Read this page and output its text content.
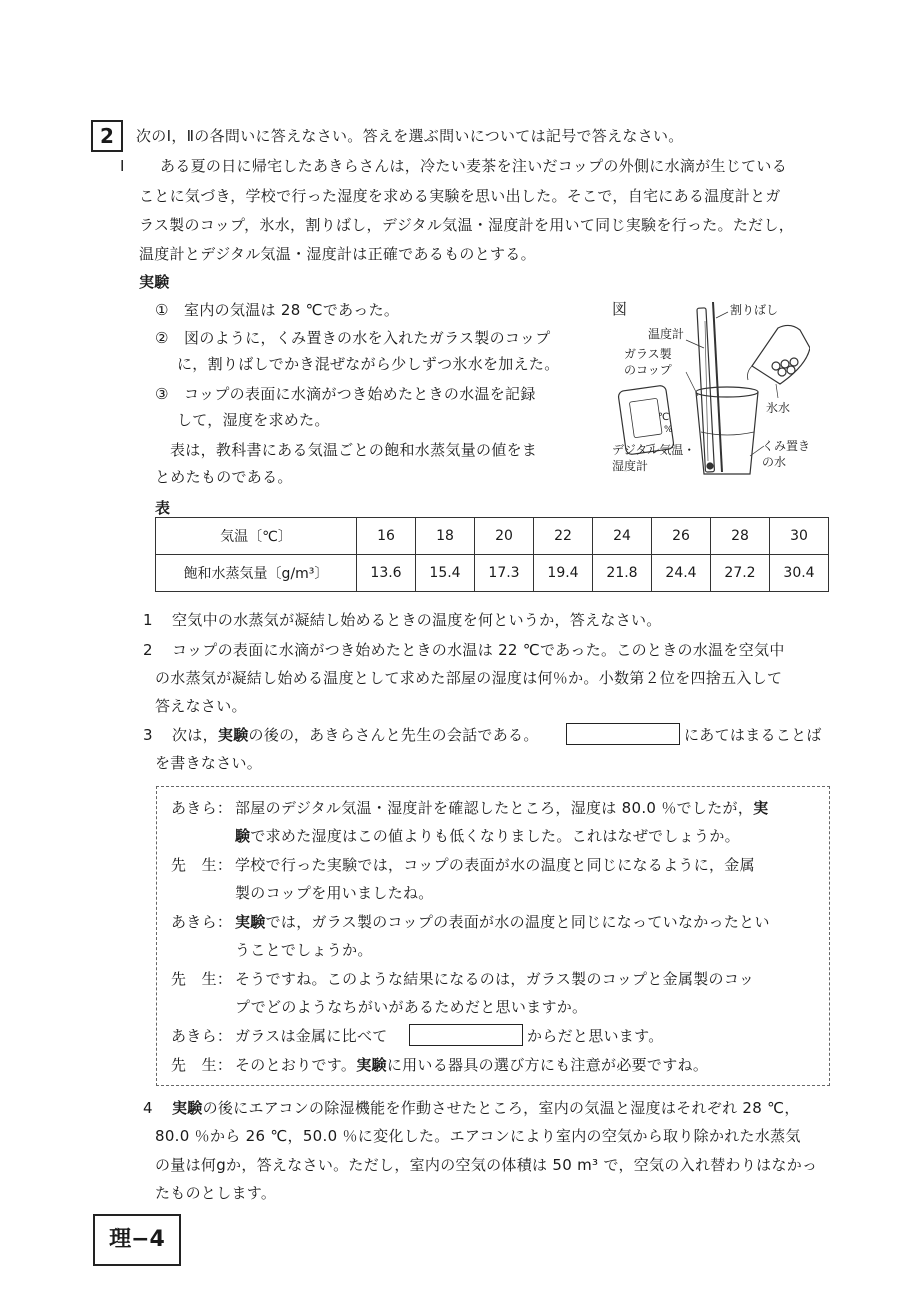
2	次のⅠ，Ⅱの各問いに答えなさい。答えを選ぶ問いについては記号で答えなさい。
Ⅰ ある夏の日に帰宅したあきらさんは，冷たい麦茶を注いだコップの外側に水滴が生じている
ことに気づき，学校で行った湿度を求める実験を思い出した。そこで，自宅にある温度計とガ
ラス製のコップ，氷水，割りばし，デジタル気温・湿度計を用いて同じ実験を行った。ただし，
温度計とデジタル気温・湿度計は正確であるものとする。
実験
①　室内の気温は 28 ℃であった。
②　図のように，くみ置きの水を入れたガラス製のコップ
に，割りばしでかき混ぜながら少しずつ氷水を加えた。
③　コップの表面に水滴がつき始めたときの水温を記録
して，湿度を求めた。
表は，教科書にある気温ごとの飽和水蒸気量の値をま
とめたものである。
図	割りばし
温度計
ガラス製
のコップ
氷水
℃
%
くみ置き
の水
デジタル気温・
湿度計
表
気温〔℃〕	16	18	20	22	24	26	28	30
飽和水蒸気量〔g/m³〕	13.6	15.4	17.3	19.4	21.8	24.4	27.2	30.4
1 空気中の水蒸気が凝結し始めるときの温度を何というか，答えなさい。
2 コップの表面に水滴がつき始めたときの水温は 22 ℃であった。このときの水温を空気中
の水蒸気が凝結し始める温度として求めた部屋の湿度は何％か。小数第２位を四捨五入して
答えなさい。
3 次は，実験の後の，あきらさんと先生の会話である。	にあてはまることば
を書きなさい。
あきら： 部屋のデジタル気温・湿度計を確認したところ，湿度は 80.0 ％でしたが，実
験で求めた湿度はこの値よりも低くなりました。これはなぜでしょうか。
先　生： 学校で行った実験では，コップの表面が水の温度と同じになるように，金属
製のコップを用いましたね。
あきら： 実験では，ガラス製のコップの表面が水の温度と同じになっていなかったとい
うことでしょうか。
先　生： そうですね。このような結果になるのは，ガラス製のコップと金属製のコッ
プでどのようなちがいがあるためだと思いますか。
あきら： ガラスは金属に比べて	からだと思います。
先　生： そのとおりです。実験に用いる器具の選び方にも注意が必要ですね。
4 実験の後にエアコンの除湿機能を作動させたところ，室内の気温と湿度はそれぞれ 28 ℃，
80.0 ％から 26 ℃，50.0 ％に変化した。エアコンにより室内の空気から取り除かれた水蒸気
の量は何gか，答えなさい。ただし，室内の空気の体積は 50 m³ で，空気の入れ替わりはなかっ
たものとします。
理−4
